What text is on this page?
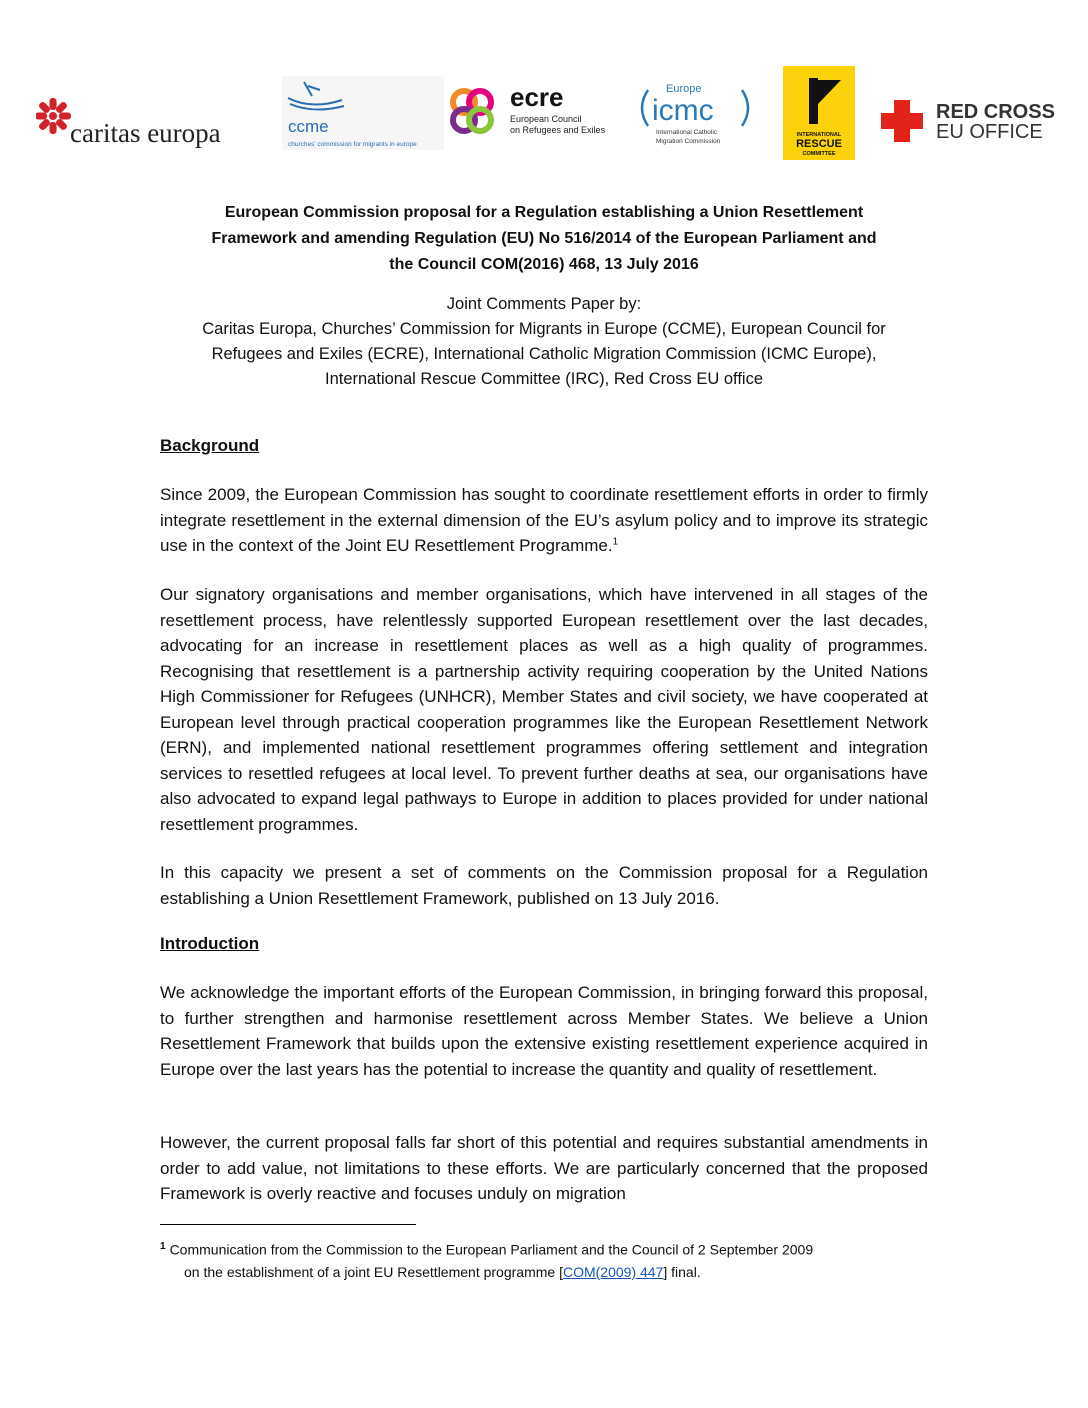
caritas europa	ccme
churches' commission for migrants in europe
ecre
European Council
on Refugees and Exiles
Europe
icmc
International Catholic
Migration Commission
INTERNATIONAL
RESCUE
COMMITTEE
RED CROSS
EU OFFICE
European Commission proposal for a Regulation establishing a Union Resettlement
Framework and amending Regulation (EU) No 516/2014 of the European Parliament and
the Council COM(2016) 468, 13 July 2016
Joint Comments Paper by:
Caritas Europa, Churches’ Commission for Migrants in Europe (CCME), European Council for
Refugees and Exiles (ECRE), International Catholic Migration Commission (ICMC Europe),
International Rescue Committee (IRC), Red Cross EU office
Background

Since 2009, the European Commission has sought to coordinate resettlement efforts in order to firmly integrate resettlement in the external dimension of the EU’s asylum policy and to improve its strategic use in the context of the Joint EU Resettlement Programme.$^1$

Our signatory organisations and member organisations, which have intervened in all stages of the resettlement process, have relentlessly supported European resettlement over the last decades, advocating for an increase in resettlement places as well as a high quality of programmes. Recognising that resettlement is a partnership activity requiring cooperation by the United Nations High Commissioner for Refugees (UNHCR), Member States and civil society, we have cooperated at European level through practical cooperation programmes like the European Resettlement Network (ERN), and implemented national resettlement programmes offering settlement and integration services to resettled refugees at local level. To prevent further deaths at sea, our organisations have also advocated to expand legal pathways to Europe in addition to places provided for under national resettlement programmes.

In this capacity we present a set of comments on the Commission proposal for a Regulation establishing a Union Resettlement Framework, published on 13 July 2016.

Introduction

We acknowledge the important efforts of the European Commission, in bringing forward this proposal, to further strengthen and harmonise resettlement across Member States. We believe a Union Resettlement Framework that builds upon the extensive existing resettlement experience acquired in Europe over the last years has the potential to increase the quantity and quality of resettlement.

However, the current proposal falls far short of this potential and requires substantial amendments in order to add value, not limitations to these efforts. We are particularly concerned that the proposed Framework is overly reactive and focuses unduly on migration

$^1$ Communication from the Commission to the European Parliament and the Council of 2 September 2009
on the establishment of a joint EU Resettlement programme [COM(2009) 447] final.
